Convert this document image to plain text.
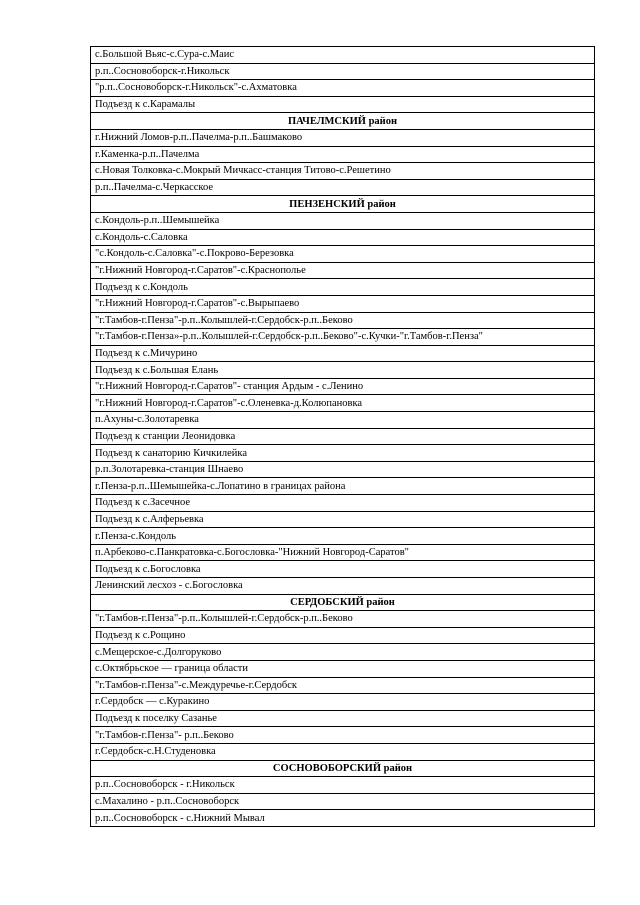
с.Большой Вьяс-с.Сура-с.Маис
р.п..Сосновоборск-г.Никольск
"р.п..Сосновоборск-г.Никольск"-с.Ахматовка
Подъезд к с.Карамалы
ПАЧЕЛМСКИЙ район
г.Нижний Ломов-р.п..Пачелма-р.п..Башмаково
г.Каменка-р.п..Пачелма
с.Новая Толковка-с.Мокрый Мичкасс-станция Титово-с.Решетино
р.п..Пачелма-с.Черкасское
ПЕНЗЕНСКИЙ район
с.Кондоль-р.п..Шемышейка
с.Кондоль-с.Саловка
"с.Кондоль-с.Саловка"-с.Покрово-Березовка
"г.Нижний Новгород-г.Саратов"-с.Краснополье
Подъезд к с.Кондоль
"г.Нижний Новгород-г.Саратов"-с.Вырыпаево
"г.Тамбов-г.Пенза"-р.п..Колышлей-г.Сердобск-р.п..Беково
"г.Тамбов-г.Пенза»-р.п..Колышлей-г.Сердобск-р.п..Беково"-с.Кучки-"г.Тамбов-г.Пенза"
Подъезд к с.Мичурино
Подъезд к с.Большая Елань
"г.Нижний Новгород-г.Саратов"- станция Ардым - с.Ленино
"г.Нижний Новгород-г.Саратов"-с.Оленевка-д.Колюпановка
п.Ахуны-с.Золотаревка
Подъезд к станции Леонидовка
Подъезд к санаторию Кичкилейка
р.п.Золотаревка-станция Шнаево
г.Пенза-р.п..Шемышейка-с.Лопатино в границах района
Подъезд к с.Засечное
Подъезд к с.Алферьевка
г.Пенза-с.Кондоль
п.Арбеково-с.Панкратовка-с.Богословка-"Нижний Новгород-Саратов"
Подъезд к с.Богословка
Ленинский лесхоз - с.Богословка
СЕРДОБСКИЙ район
"г.Тамбов-г.Пенза"-р.п..Колышлей-г.Сердобск-р.п..Беково
Подъезд к с.Рощино
с.Мещерское-с.Долгоруково
с.Октябрьское — граница области
"г.Тамбов-г.Пенза"-с.Междуречье-г.Сердобск
г.Сердобск — с.Куракино
Подъезд к поселку Сазанье
"г.Тамбов-г.Пенза"- р.п..Беково
г.Сердобск-с.Н.Студеновка
СОСНОВОБОРСКИЙ район
р.п..Сосновоборск - г.Никольск
с.Махалино - р.п..Сосновоборск
р.п..Сосновоборск - с.Нижний Мывал
